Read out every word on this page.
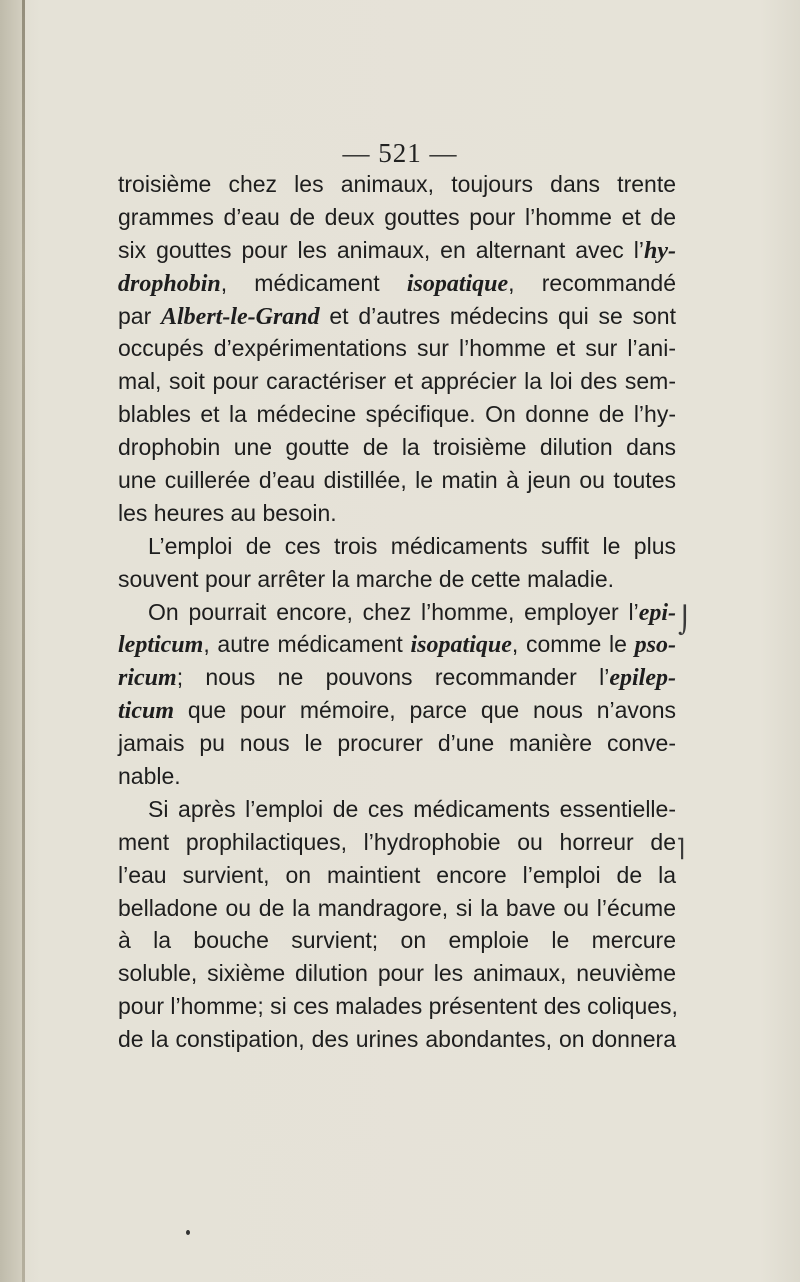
— 521 —
troisième chez les animaux, toujours dans trente
grammes d’eau de deux gouttes pour l’homme et de
six gouttes pour les animaux, en alternant avec l’hy-
drophobin, médicament isopatique, recommandé
par Albert-le-Grand et d’autres médecins qui se sont
occupés d’expérimentations sur l’homme et sur l’ani-
mal, soit pour caractériser et apprécier la loi des sem-
blables et la médecine spécifique. On donne de l’hy-
drophobin une goutte de la troisième dilution dans
une cuillerée d’eau distillée, le matin à jeun ou toutes
les heures au besoin.
L’emploi de ces trois médicaments suffit le plus
souvent pour arrêter la marche de cette maladie.
On pourrait encore, chez l’homme, employer l’epi-
lepticum, autre médicament isopatique, comme le pso-
ricum; nous ne pouvons recommander l’epilep-
ticum que pour mémoire, parce que nous n’avons
jamais pu nous le procurer d’une manière conve-
nable.
Si après l’emploi de ces médicaments essentielle-
ment prophilactiques, l’hydrophobie ou horreur de
l’eau survient, on maintient encore l’emploi de la
belladone ou de la mandragore, si la bave ou l’écume
à la bouche survient; on emploie le mercure
soluble, sixième dilution pour les animaux, neuvième
pour l’homme; si ces malades présentent des coliques,
de la constipation, des urines abondantes, on donnera
⌡
⌉
